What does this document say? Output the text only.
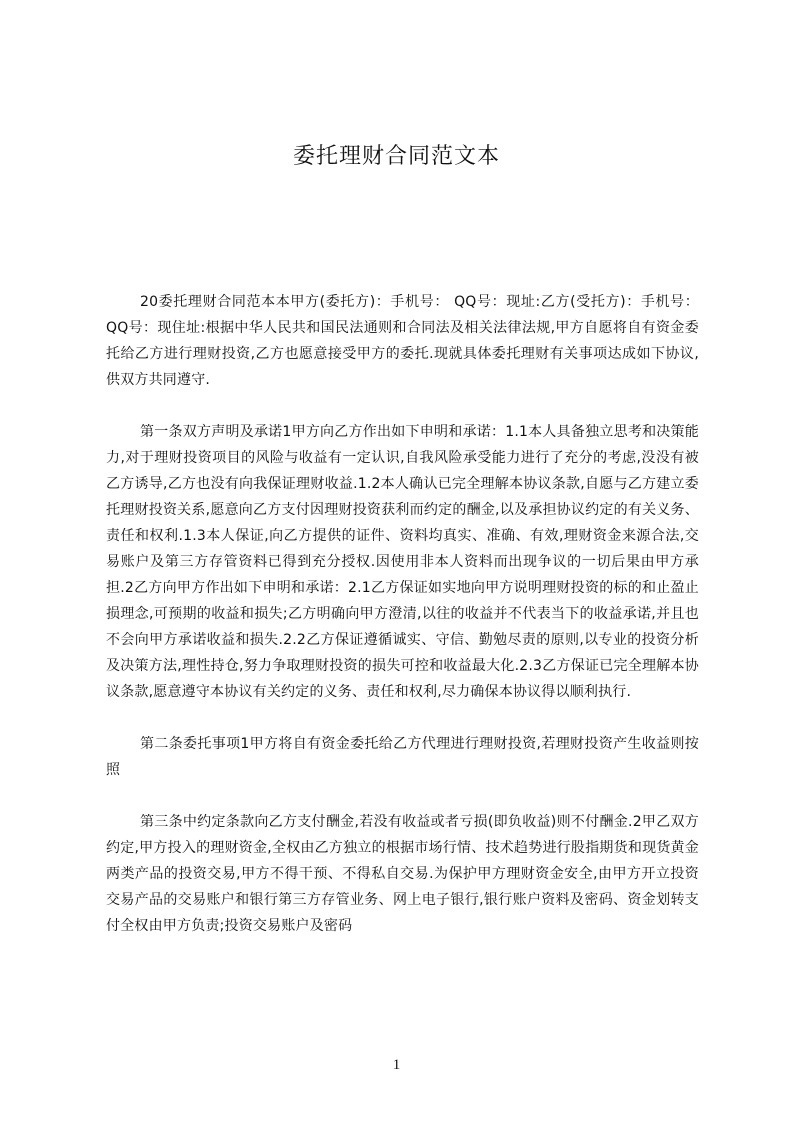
委托理财合同范文本

20委托理财合同范本本甲方(委托方)：手机号： QQ号：现址:乙方(受托方)：手机号：QQ号：现住址:根据中华人民共和国民法通则和合同法及相关法律法规,甲方自愿将自有资金委托给乙方进行理财投资,乙方也愿意接受甲方的委托.现就具体委托理财有关事项达成如下协议,供双方共同遵守.

第一条双方声明及承诺1甲方向乙方作出如下申明和承诺：1.1本人具备独立思考和决策能力,对于理财投资项目的风险与收益有一定认识,自我风险承受能力进行了充分的考虑,没没有被乙方诱导,乙方也没有向我保证理财收益.1.2本人确认已完全理解本协议条款,自愿与乙方建立委托理财投资关系,愿意向乙方支付因理财投资获利而约定的酬金,以及承担协议约定的有关义务、责任和权利.1.3本人保证,向乙方提供的证件、资料均真实、准确、有效,理财资金来源合法,交易账户及第三方存管资料已得到充分授权.因使用非本人资料而出现争议的一切后果由甲方承担.2乙方向甲方作出如下申明和承诺：2.1乙方保证如实地向甲方说明理财投资的标的和止盈止损理念,可预期的收益和损失;乙方明确向甲方澄清,以往的收益并不代表当下的收益承诺,并且也不会向甲方承诺收益和损失.2.2乙方保证遵循诚实、守信、勤勉尽责的原则,以专业的投资分析及决策方法,理性持仓,努力争取理财投资的损失可控和收益最大化.2.3乙方保证已完全理解本协议条款,愿意遵守本协议有关约定的义务、责任和权利,尽力确保本协议得以顺利执行.

第二条委托事项1甲方将自有资金委托给乙方代理进行理财投资,若理财投资产生收益则按照

第三条中约定条款向乙方支付酬金,若没有收益或者亏损(即负收益)则不付酬金.2甲乙双方约定,甲方投入的理财资金,全权由乙方独立的根据市场行情、技术趋势进行股指期货和现货黄金两类产品的投资交易,甲方不得干预、不得私自交易.为保护甲方理财资金安全,由甲方开立投资交易产品的交易账户和银行第三方存管业务、网上电子银行,银行账户资料及密码、资金划转支付全权由甲方负责;投资交易账户及密码

1
